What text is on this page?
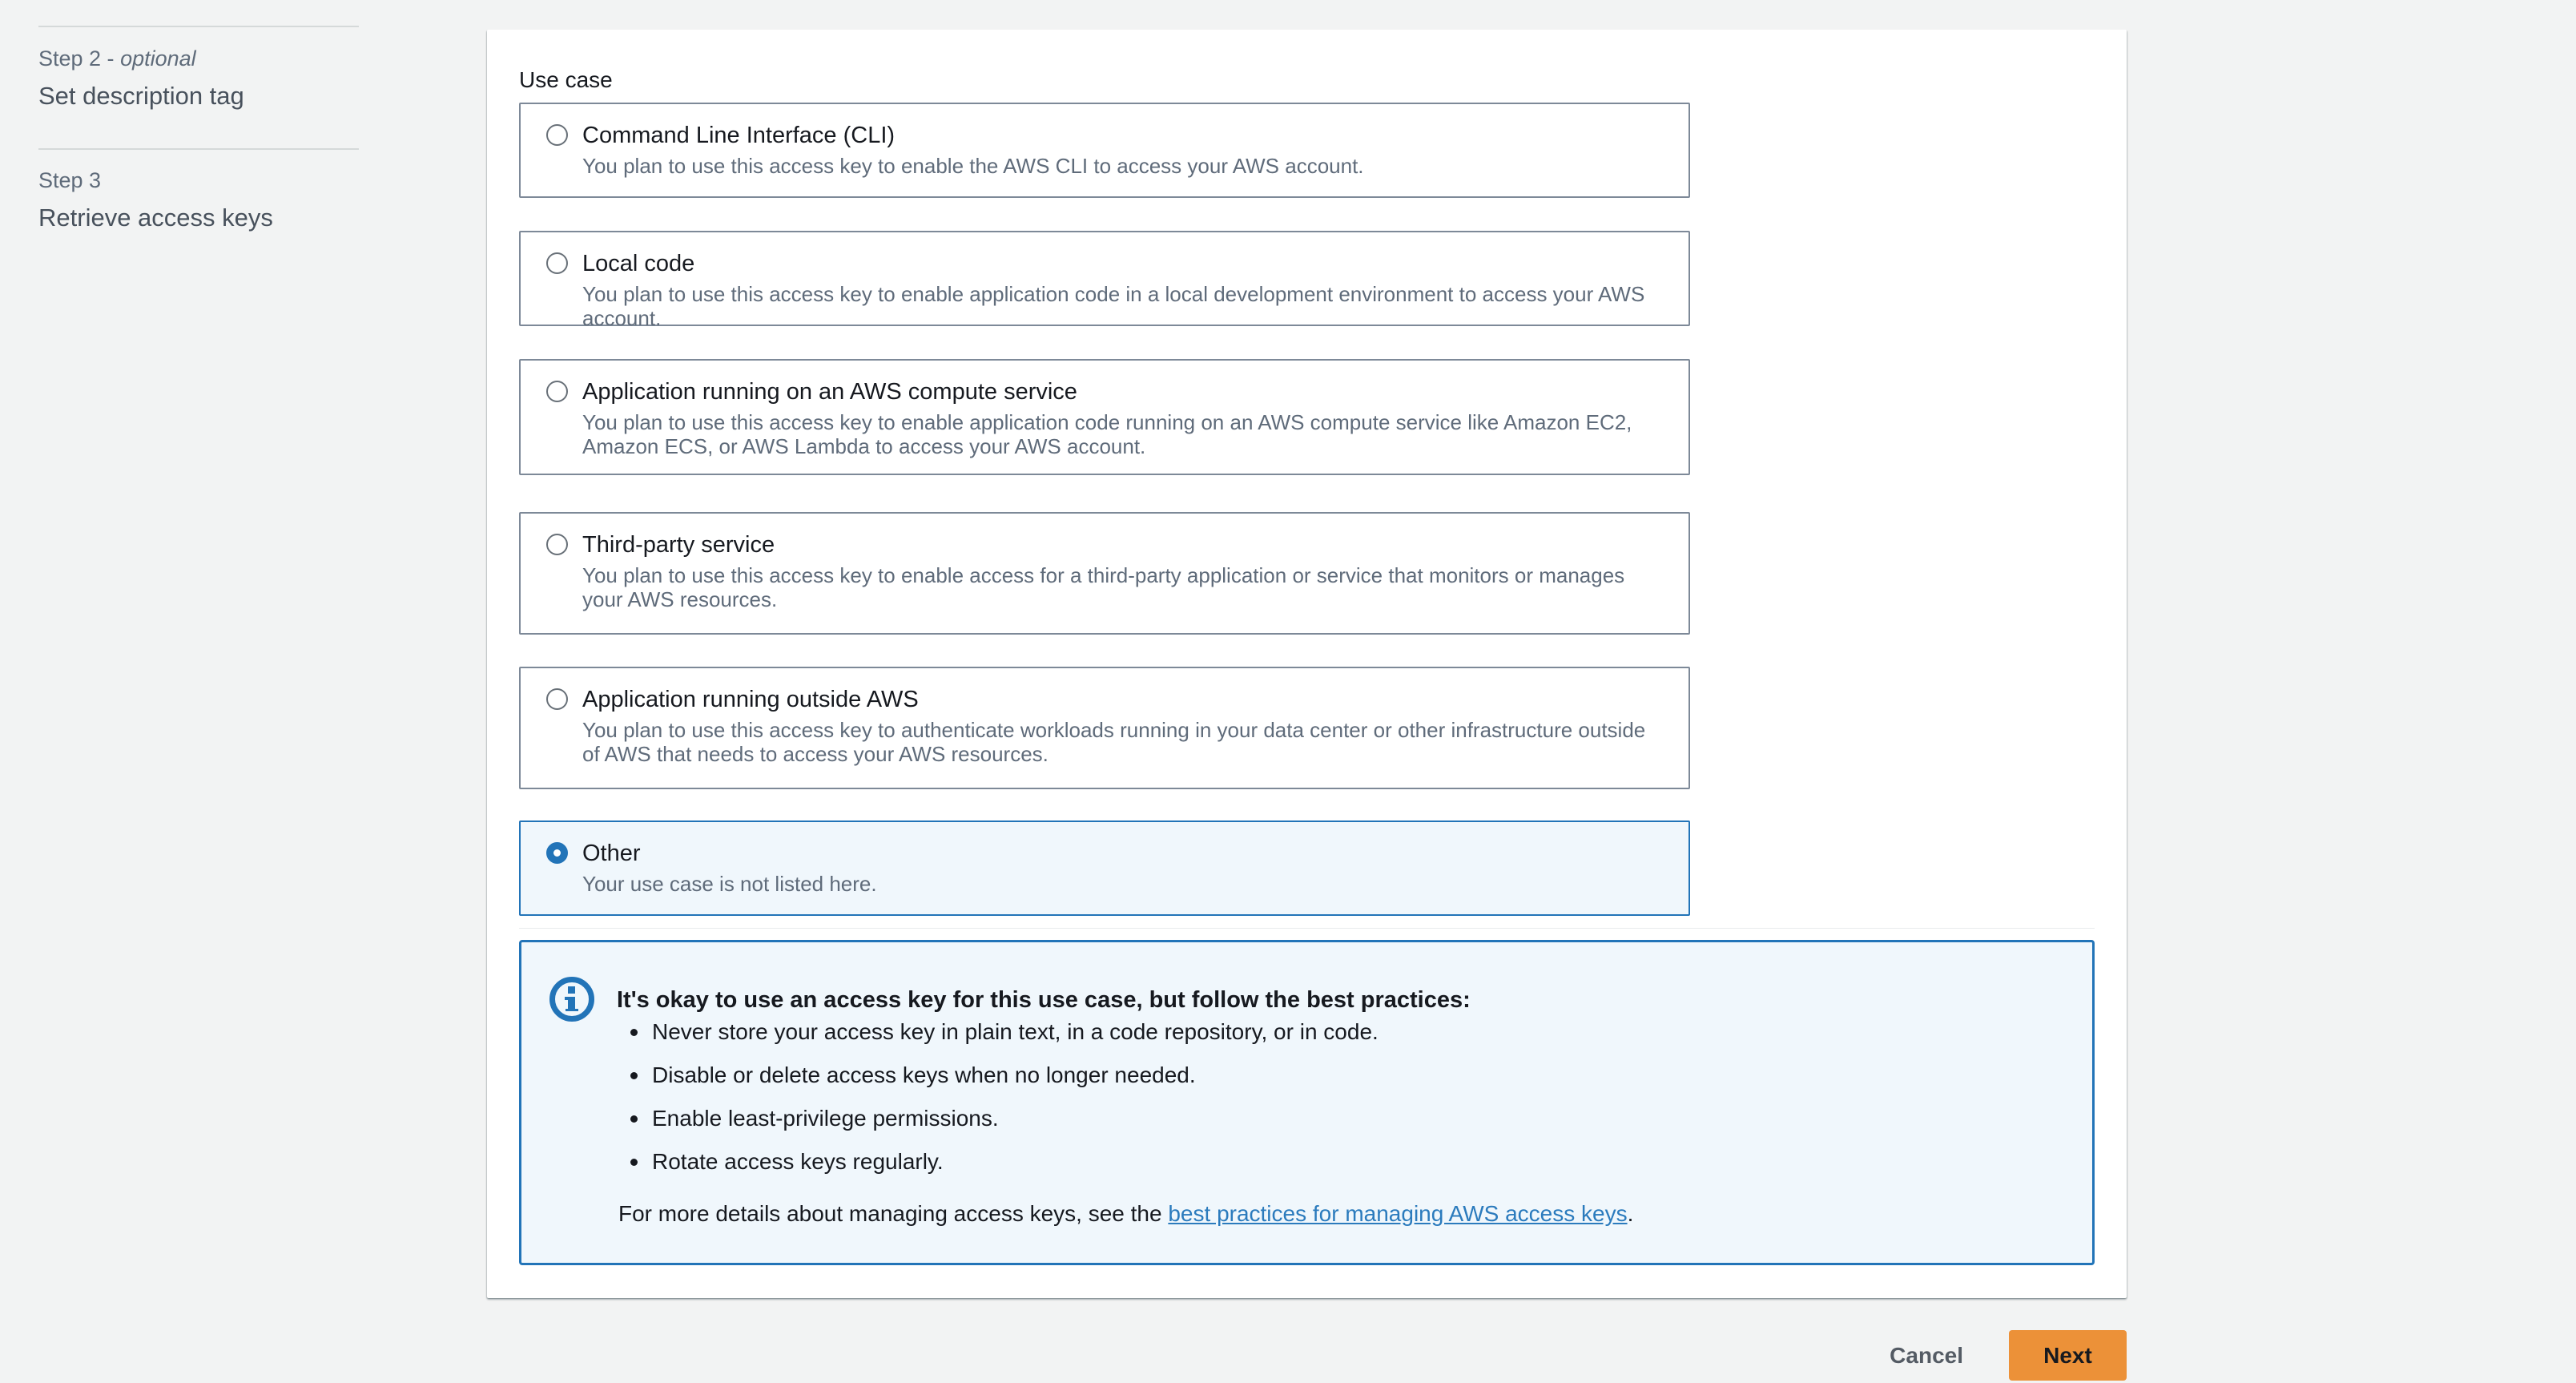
Step 2 - optional
Set description tag
Step 3
Retrieve access keys
Use case
Command Line Interface (CLI)
You plan to use this access key to enable the AWS CLI to access your AWS account.
Local code
You plan to use this access key to enable application code in a local development environment to access your AWS account.
Application running on an AWS compute service
You plan to use this access key to enable application code running on an AWS compute service like Amazon EC2, Amazon ECS, or AWS Lambda to access your AWS account.
Third-party service
You plan to use this access key to enable access for a third-party application or service that monitors or manages your AWS resources.
Application running outside AWS
You plan to use this access key to authenticate workloads running in your data center or other infrastructure outside of AWS that needs to access your AWS resources.
Other
Your use case is not listed here.
It's okay to use an access key for this use case, but follow the best practices:
Never store your access key in plain text, in a code repository, or in code.
Disable or delete access keys when no longer needed.
Enable least-privilege permissions.
Rotate access keys regularly.
For more details about managing access keys, see the best practices for managing AWS access keys.
Cancel	Next
